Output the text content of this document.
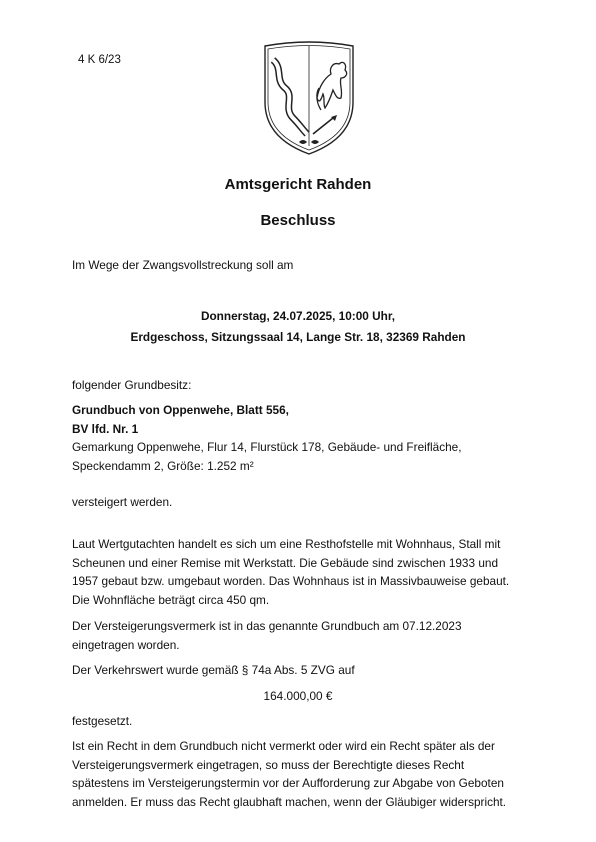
4 K 6/23
Amtsgericht Rahden
Beschluss
Im Wege der Zwangsvollstreckung soll am
Donnerstag, 24.07.2025, 10:00 Uhr,
Erdgeschoss, Sitzungssaal 14, Lange Str. 18, 32369 Rahden
folgender Grundbesitz:
Grundbuch von Oppenwehe, Blatt 556,
BV lfd. Nr. 1
Gemarkung Oppenwehe, Flur 14, Flurstück 178, Gebäude- und Freifläche,
Speckendamm 2, Größe: 1.252 m²
versteigert werden.
Laut Wertgutachten handelt es sich um eine Resthofstelle mit Wohnhaus, Stall mit
Scheunen und einer Remise mit Werkstatt. Die Gebäude sind zwischen 1933 und
1957 gebaut bzw. umgebaut worden. Das Wohnhaus ist in Massivbauweise gebaut.
Die Wohnfläche beträgt circa 450 qm.
Der Versteigerungsvermerk ist in das genannte Grundbuch am 07.12.2023
eingetragen worden.
Der Verkehrswert wurde gemäß § 74a Abs. 5 ZVG auf
164.000,00 €
festgesetzt.
Ist ein Recht in dem Grundbuch nicht vermerkt oder wird ein Recht später als der
Versteigerungsvermerk eingetragen, so muss der Berechtigte dieses Recht
spätestens im Versteigerungstermin vor der Aufforderung zur Abgabe von Geboten
anmelden. Er muss das Recht glaubhaft machen, wenn der Gläubiger widerspricht.
